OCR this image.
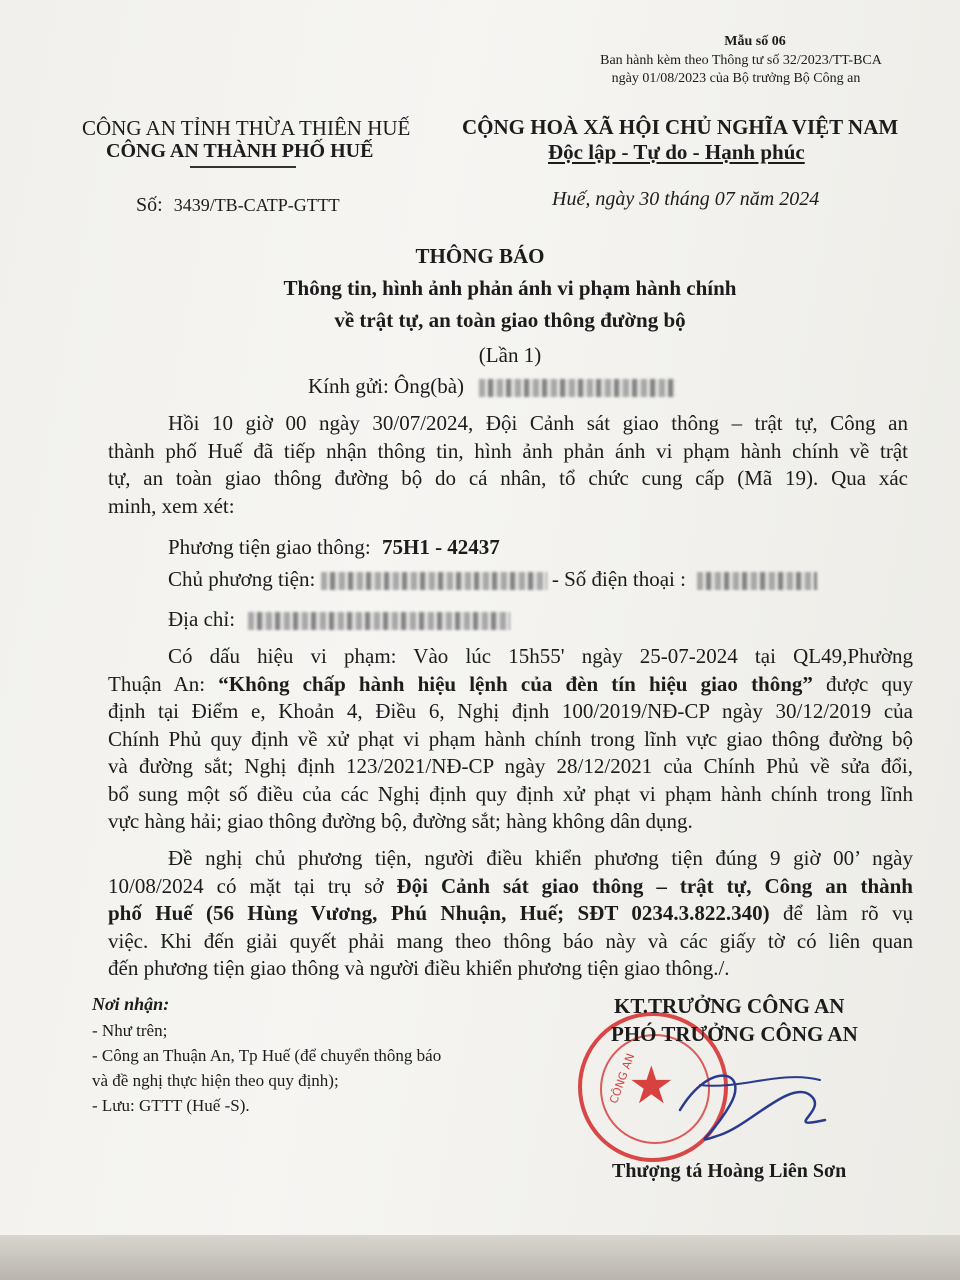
Mẫu số 06
Ban hành kèm theo Thông tư số 32/2023/TT-BCA
ngày 01/08/2023 của Bộ trưởng Bộ Công an
CÔNG AN TỈNH THỪA THIÊN HUẾ
CÔNG AN THÀNH PHỐ HUẾ
Số: 3439/TB-CATP-GTTT
CỘNG HOÀ XÃ HỘI CHỦ NGHĨA VIỆT NAM
Độc lập - Tự do - Hạnh phúc
Huế, ngày 30 tháng 07 năm 2024
THÔNG BÁO
Thông tin, hình ảnh phản ánh vi phạm hành chính
về trật tự, an toàn giao thông đường bộ
(Lần 1)
Kính gửi: Ông(bà)
Hồi 10 giờ 00 ngày 30/07/2024, Đội Cảnh sát giao thông – trật tự, Công an
thành phố Huế đã tiếp nhận thông tin, hình ảnh phản ánh vi phạm hành chính về trật
tự, an toàn giao thông đường bộ do cá nhân, tổ chức cung cấp (Mã 19). Qua xác
minh, xem xét:
Phương tiện giao thông: 75H1 - 42437
Chủ phương tiện:	- Số điện thoại :
Địa chỉ:
Có dấu hiệu vi phạm: Vào lúc 15h55' ngày 25-07-2024 tại QL49,Phường
Thuận An: “Không chấp hành hiệu lệnh của đèn tín hiệu giao thông” được quy
định tại Điểm e, Khoản 4, Điều 6, Nghị định 100/2019/NĐ-CP ngày 30/12/2019 của
Chính Phủ quy định về xử phạt vi phạm hành chính trong lĩnh vực giao thông đường bộ
và đường sắt; Nghị định 123/2021/NĐ-CP ngày 28/12/2021 của Chính Phủ về sửa đổi,
bổ sung một số điều của các Nghị định quy định xử phạt vi phạm hành chính trong lĩnh
vực hàng hải; giao thông đường bộ, đường sắt; hàng không dân dụng.
Đề nghị chủ phương tiện, người điều khiển phương tiện đúng 9 giờ 00’ ngày
10/08/2024 có mặt tại trụ sở Đội Cảnh sát giao thông – trật tự, Công an thành
phố Huế (56 Hùng Vương, Phú Nhuận, Huế; SĐT 0234.3.822.340) để làm rõ vụ
việc. Khi đến giải quyết phải mang theo thông báo này và các giấy tờ có liên quan
đến phương tiện giao thông và người điều khiển phương tiện giao thông./.
Nơi nhận:
- Như trên;
- Công an Thuận An, Tp Huế (để chuyển thông báo
và đề nghị thực hiện theo quy định);
- Lưu: GTTT (Huế -S).	★
CÔNG AN
KT.TRƯỞNG CÔNG AN
PHÓ TRƯỞNG CÔNG AN
Thượng tá Hoàng Liên Sơn
